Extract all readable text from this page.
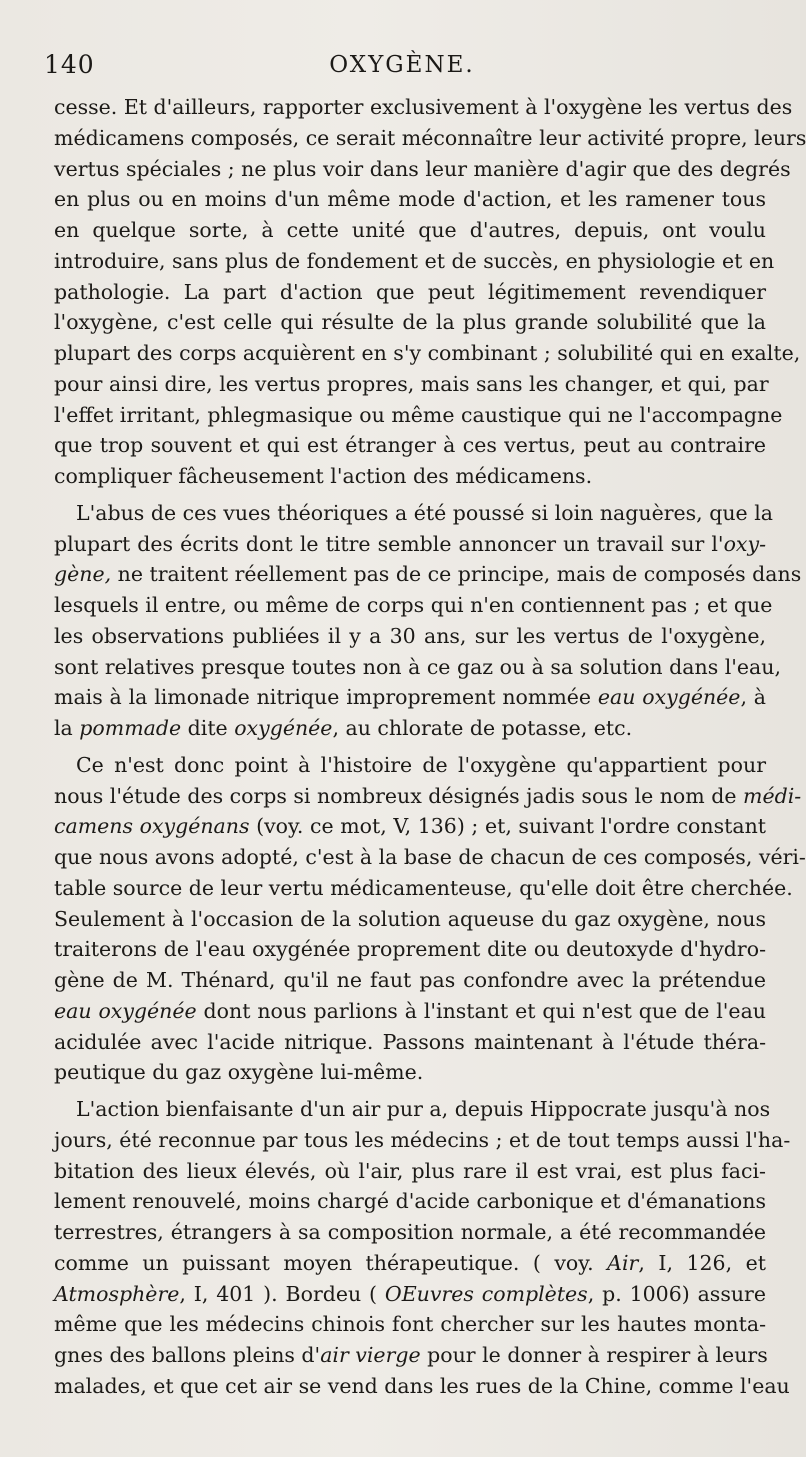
140	OXYGÈNE.
cesse. Et d'ailleurs, rapporter exclusivement à l'oxygène les vertus des
médicamens composés, ce serait méconnaître leur activité propre, leurs
vertus spéciales ; ne plus voir dans leur manière d'agir que des degrés
en plus ou en moins d'un même mode d'action, et les ramener tous
en quelque sorte, à cette unité que d'autres, depuis, ont voulu
introduire, sans plus de fondement et de succès, en physiologie et en
pathologie. La part d'action que peut légitimement revendiquer
l'oxygène, c'est celle qui résulte de la plus grande solubilité que la
plupart des corps acquièrent en s'y combinant ; solubilité qui en exalte,
pour ainsi dire, les vertus propres, mais sans les changer, et qui, par
l'effet irritant, phlegmasique ou même caustique qui ne l'accompagne
que trop souvent et qui est étranger à ces vertus, peut au contraire
compliquer fâcheusement l'action des médicamens.
L'abus de ces vues théoriques a été poussé si loin naguères, que la
plupart des écrits dont le titre semble annoncer un travail sur l'oxy-
gène, ne traitent réellement pas de ce principe, mais de composés dans
lesquels il entre, ou même de corps qui n'en contiennent pas ; et que
les observations publiées il y a 30 ans, sur les vertus de l'oxygène,
sont relatives presque toutes non à ce gaz ou à sa solution dans l'eau,
mais à la limonade nitrique improprement nommée eau oxygénée, à
la pommade dite oxygénée, au chlorate de potasse, etc.
Ce n'est donc point à l'histoire de l'oxygène qu'appartient pour
nous l'étude des corps si nombreux désignés jadis sous le nom de médi-
camens oxygénans (voy. ce mot, V, 136) ; et, suivant l'ordre constant
que nous avons adopté, c'est à la base de chacun de ces composés, véri-
table source de leur vertu médicamenteuse, qu'elle doit être cherchée.
Seulement à l'occasion de la solution aqueuse du gaz oxygène, nous
traiterons de l'eau oxygénée proprement dite ou deutoxyde d'hydro-
gène de M. Thénard, qu'il ne faut pas confondre avec la prétendue
eau oxygénée dont nous parlions à l'instant et qui n'est que de l'eau
acidulée avec l'acide nitrique. Passons maintenant à l'étude théra-
peutique du gaz oxygène lui-même.
L'action bienfaisante d'un air pur a, depuis Hippocrate jusqu'à nos
jours, été reconnue par tous les médecins ; et de tout temps aussi l'ha-
bitation des lieux élevés, où l'air, plus rare il est vrai, est plus faci-
lement renouvelé, moins chargé d'acide carbonique et d'émanations
terrestres, étrangers à sa composition normale, a été recommandée
comme un puissant moyen thérapeutique. ( voy. Air, I, 126, et
Atmosphère, I, 401 ). Bordeu ( OEuvres complètes, p. 1006) assure
même que les médecins chinois font chercher sur les hautes monta-
gnes des ballons pleins d'air vierge pour le donner à respirer à leurs
malades, et que cet air se vend dans les rues de la Chine, comme l'eau
